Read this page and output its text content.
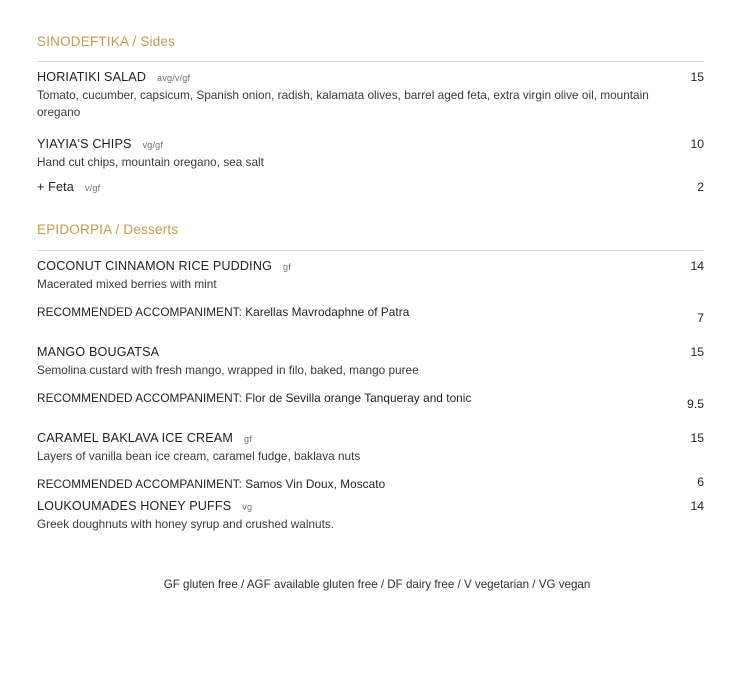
SINODEFTIKA / Sides
HORIATIKI SALAD avg/v/gf	15
Tomato, cucumber, capsicum, Spanish onion, radish, kalamata olives, barrel aged feta, extra virgin olive oil, mountain oregano
YIAYIA'S CHIPS vg/gf	10
Hand cut chips, mountain oregano, sea salt
+ Feta v/gf	2
EPIDORPIA / Desserts
COCONUT CINNAMON RICE PUDDING gf	14
Macerated mixed berries with mint
RECOMMENDED ACCOMPANIMENT: Karellas Mavrodaphne of Patra	7
MANGO BOUGATSA	15
Semolina custard with fresh mango, wrapped in filo, baked, mango puree
RECOMMENDED ACCOMPANIMENT: Flor de Sevilla orange Tanqueray and tonic	9.5
CARAMEL BAKLAVA ICE CREAM gf	15
Layers of vanilla bean ice cream, caramel fudge, baklava nuts
RECOMMENDED ACCOMPANIMENT: Samos Vin Doux, Moscato	6
LOUKOUMADES HONEY PUFFS vg	14
Greek doughnuts with honey syrup and crushed walnuts.
GF gluten free / AGF available gluten free / DF dairy free / V vegetarian / VG vegan
